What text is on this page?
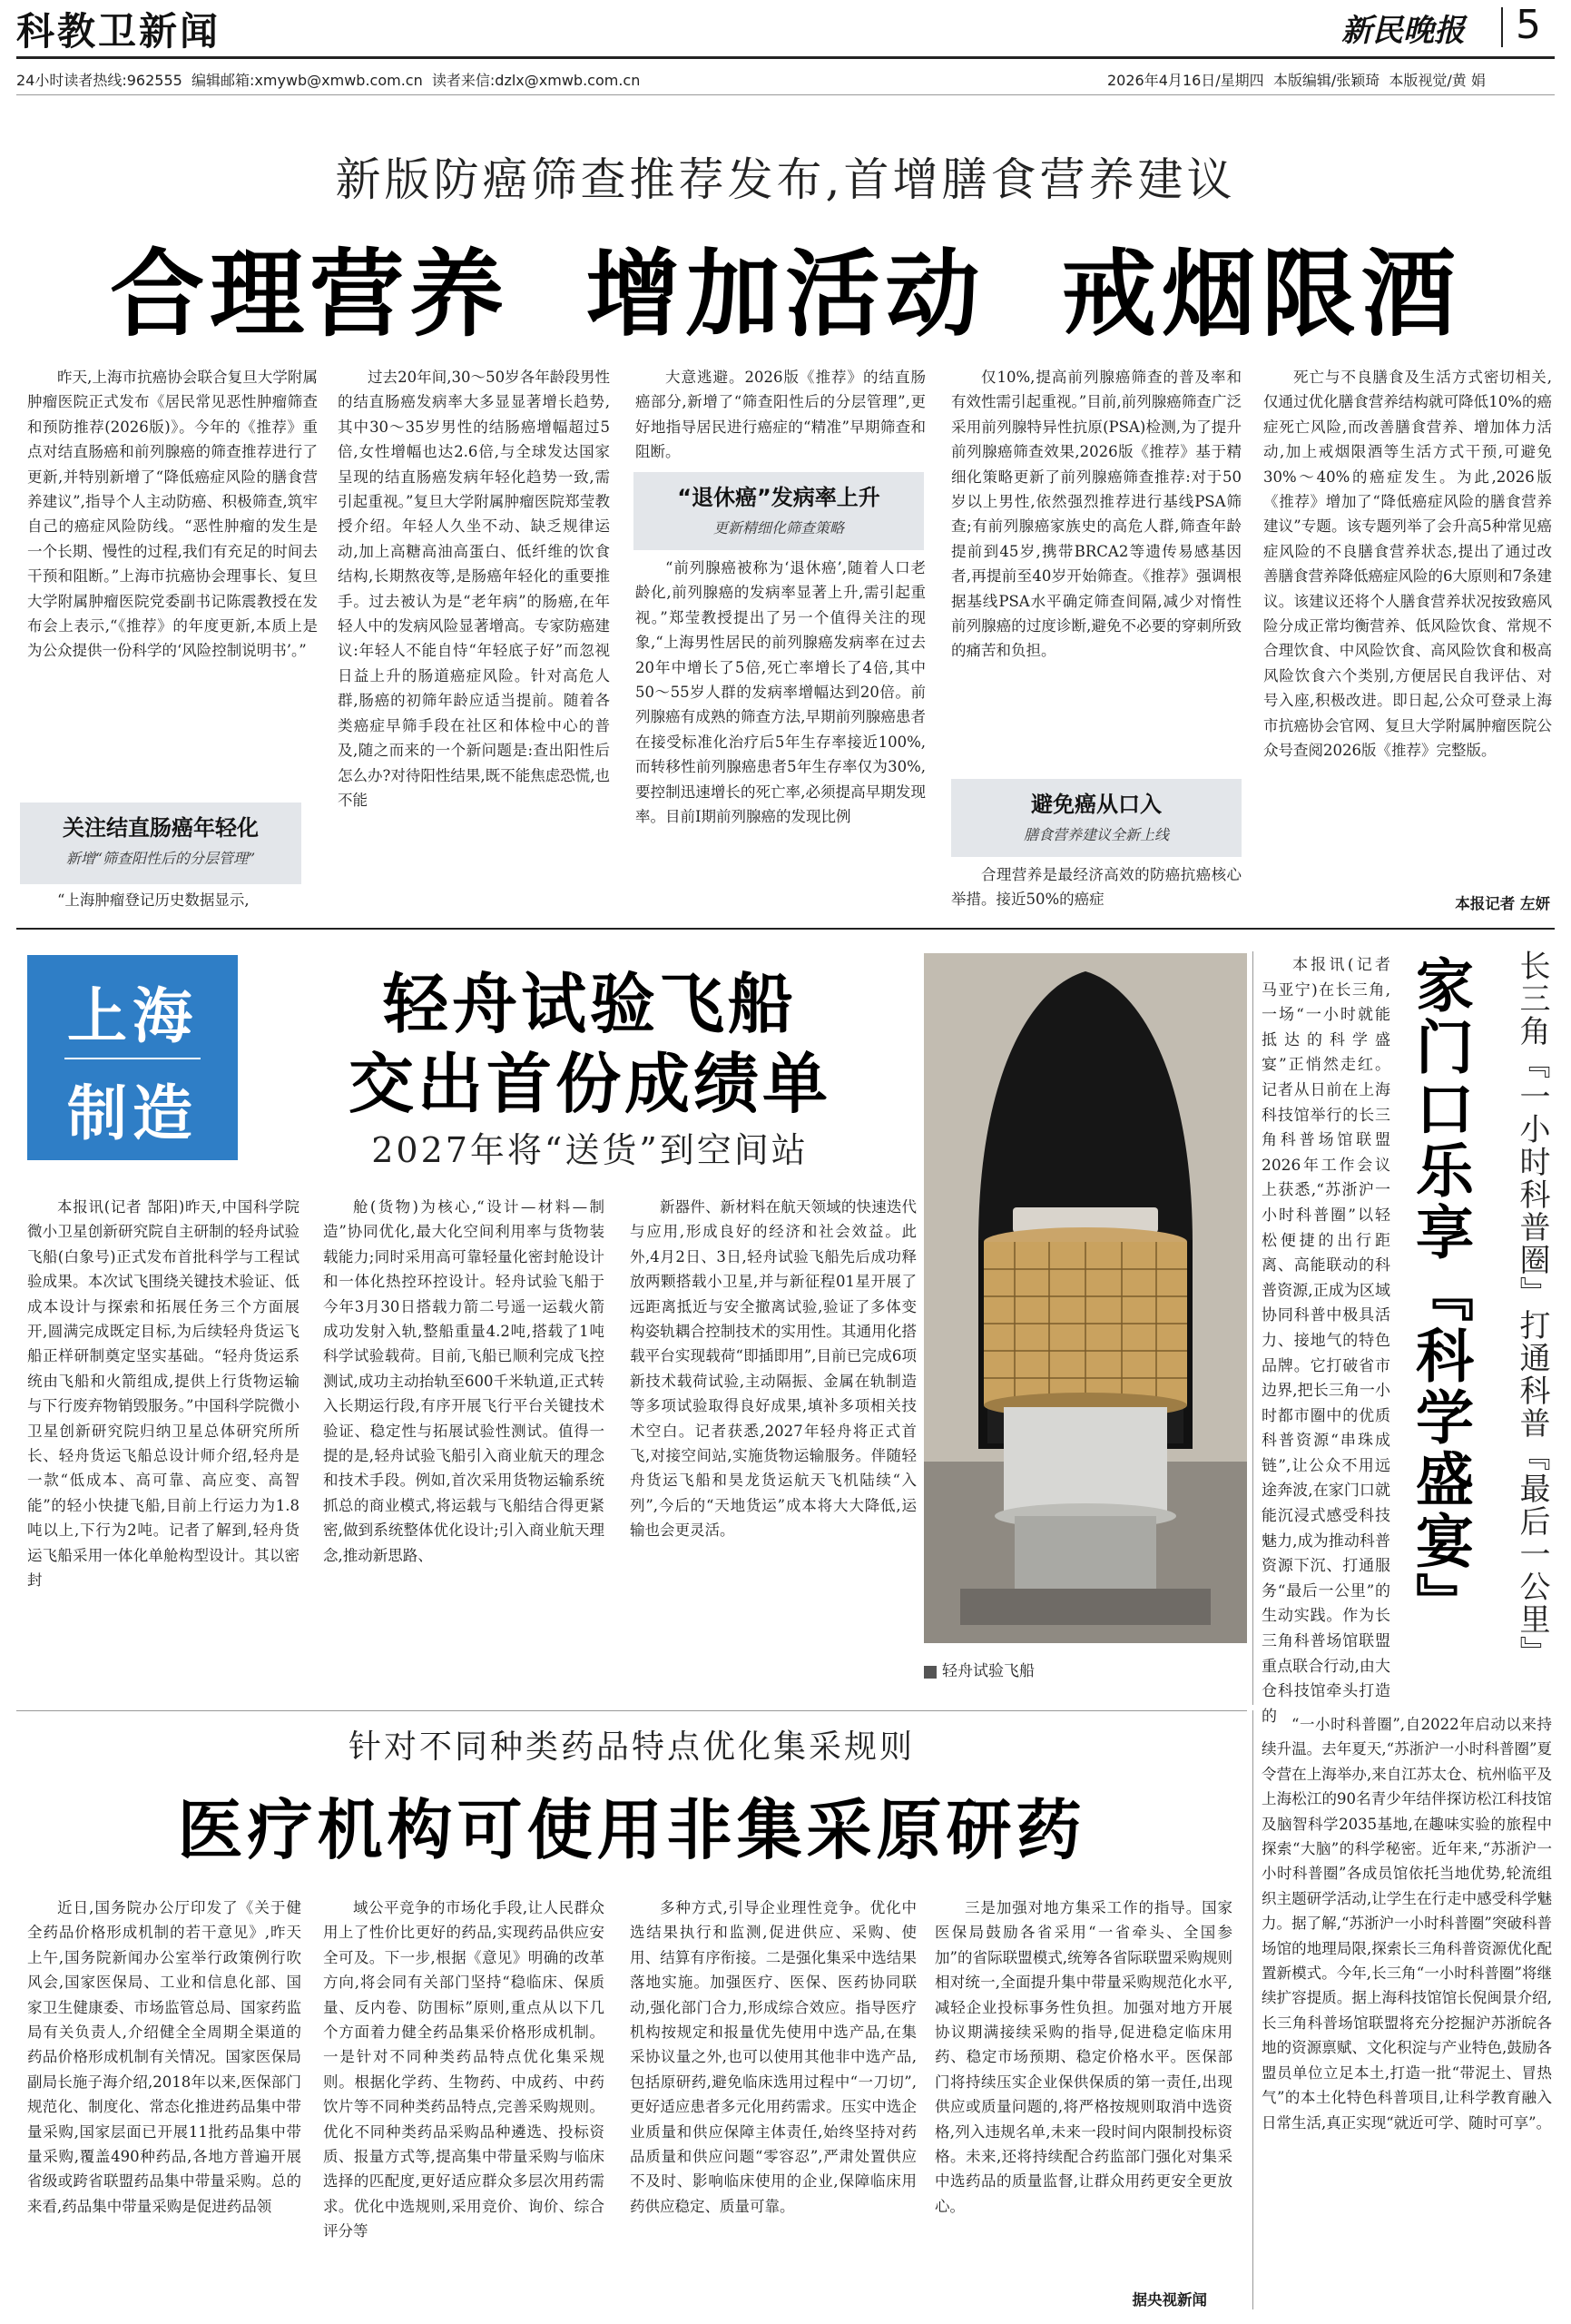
科教卫新闻	新民晚报 5
24小时读者热线:962555  编辑邮箱:xmywb@xmwb.com.cn  读者来信:dzlx@xmwb.com.cn	2026年4月16日/星期四  本版编辑/张颖琦  本版视觉/黄 娟
新版防癌筛查推荐发布,首增膳食营养建议
合理营养  增加活动  戒烟限酒

昨天,上海市抗癌协会联合复旦大学附属肿瘤医院正式发布《居民常见恶性肿瘤筛查和预防推荐(2026版)》。今年的《推荐》重点对结直肠癌和前列腺癌的筛查推荐进行了更新,并特别新增了“降低癌症风险的膳食营养建议”,指导个人主动防癌、积极筛查,筑牢自己的癌症风险防线。“恶性肿瘤的发生是一个长期、慢性的过程,我们有充足的时间去干预和阻断。”上海市抗癌协会理事长、复旦大学附属肿瘤医院党委副书记陈震教授在发布会上表示,“《推荐》的年度更新,本质上是为公众提供一份科学的‘风险控制说明书’。”

关注结直肠癌年轻化
新增“筛查阳性后的分层管理”

“上海肿瘤登记历史数据显示,

过去20年间,30～50岁各年龄段男性的结直肠癌发病率大多显显著增长趋势,其中30～35岁男性的结肠癌增幅超过5倍,女性增幅也达2.6倍,与全球发达国家呈现的结直肠癌发病年轻化趋势一致,需引起重视。”复旦大学附属肿瘤医院郑莹教授介绍。年轻人久坐不动、缺乏规律运动,加上高糖高油高蛋白、低纤维的饮食结构,长期熬夜等,是肠癌年轻化的重要推手。过去被认为是“老年病”的肠癌,在年轻人中的发病风险显著增高。专家防癌建议:年轻人不能自恃“年轻底子好”而忽视日益上升的肠道癌症风险。针对高危人群,肠癌的初筛年龄应适当提前。随着各类癌症早筛手段在社区和体检中心的普及,随之而来的一个新问题是:查出阳性后怎么办?对待阳性结果,既不能焦虑恐慌,也不能

大意逃避。2026版《推荐》的结直肠癌部分,新增了“筛查阳性后的分层管理”,更好地指导居民进行癌症的“精准”早期筛查和阻断。

“退休癌”发病率上升
更新精细化筛查策略

“前列腺癌被称为‘退休癌’,随着人口老龄化,前列腺癌的发病率显著上升,需引起重视。”郑莹教授提出了另一个值得关注的现象,“上海男性居民的前列腺癌发病率在过去20年中增长了5倍,死亡率增长了4倍,其中50～55岁人群的发病率增幅达到20倍。前列腺癌有成熟的筛查方法,早期前列腺癌患者在接受标准化治疗后5年生存率接近100%,而转移性前列腺癌患者5年生存率仅为30%,要控制迅速增长的死亡率,必须提高早期发现率。目前I期前列腺癌的发现比例

仅10%,提高前列腺癌筛查的普及率和有效性需引起重视。”目前,前列腺癌筛查广泛采用前列腺特异性抗原(PSA)检测,为了提升前列腺癌筛查效果,2026版《推荐》基于精细化策略更新了前列腺癌筛查推荐:对于50岁以上男性,依然强烈推荐进行基线PSA筛查;有前列腺癌家族史的高危人群,筛查年龄提前到45岁,携带BRCA2等遗传易感基因者,再提前至40岁开始筛查。《推荐》强调根据基线PSA水平确定筛查间隔,减少对惰性前列腺癌的过度诊断,避免不必要的穿刺所致的痛苦和负担。

避免癌从口入
膳食营养建议全新上线

合理营养是最经济高效的防癌抗癌核心举措。接近50%的癌症

死亡与不良膳食及生活方式密切相关,仅通过优化膳食营养结构就可降低10%的癌症死亡风险,而改善膳食营养、增加体力活动,加上戒烟限酒等生活方式干预,可避免30%～40%的癌症发生。为此,2026版《推荐》增加了“降低癌症风险的膳食营养建议”专题。该专题列举了会升高5种常见癌症风险的不良膳食营养状态,提出了通过改善膳食营养降低癌症风险的6大原则和7条建议。该建议还将个人膳食营养状况按致癌风险分成正常均衡营养、低风险饮食、常规不合理饮食、中风险饮食、高风险饮食和极高风险饮食六个类别,方便居民自我评估、对号入座,积极改进。即日起,公众可登录上海市抗癌协会官网、复旦大学附属肿瘤医院公众号查阅2026版《推荐》完整版。

本报记者 左妍
上海
制造
轻舟试验飞船
交出首份成绩单
2027年将“送货”到空间站

本报讯(记者 郜阳)昨天,中国科学院微小卫星创新研究院自主研制的轻舟试验飞船(白象号)正式发布首批科学与工程试验成果。本次试飞围绕关键技术验证、低成本设计与探索和拓展任务三个方面展开,圆满完成既定目标,为后续轻舟货运飞船正样研制奠定坚实基础。“轻舟货运系统由飞船和火箭组成,提供上行货物运输与下行废弃物销毁服务。”中国科学院微小卫星创新研究院归纳卫星总体研究所所长、轻舟货运飞船总设计师介绍,轻舟是一款“低成本、高可靠、高应变、高智能”的轻小快捷飞船,目前上行运力为1.8吨以上,下行为2吨。记者了解到,轻舟货运飞船采用一体化单舱构型设计。其以密封

舱(货物)为核心,“设计—材料—制造”协同优化,最大化空间利用率与货物装载能力;同时采用高可靠轻量化密封舱设计和一体化热控环控设计。轻舟试验飞船于今年3月30日搭载力箭二号遥一运载火箭成功发射入轨,整船重量4.2吨,搭载了1吨科学试验载荷。目前,飞船已顺利完成飞控测试,成功主动抬轨至600千米轨道,正式转入长期运行段,有序开展飞行平台关键技术验证、稳定性与拓展试验性测试。值得一提的是,轻舟试验飞船引入商业航天的理念和技术手段。例如,首次采用货物运输系统抓总的商业模式,将运载与飞船结合得更紧密,做到系统整体优化设计;引入商业航天理念,推动新思路、

新器件、新材料在航天领域的快速迭代与应用,形成良好的经济和社会效益。此外,4月2日、3日,轻舟试验飞船先后成功释放两颗搭载小卫星,并与新征程01星开展了远距离抵近与安全撤离试验,验证了多体变构姿轨耦合控制技术的实用性。其通用化搭载平台实现载荷“即插即用”,目前已完成6项新技术载荷试验,主动隔振、金属在轨制造等多项试验取得良好成果,填补多项相关技术空白。记者获悉,2027年轻舟将正式首飞,对接空间站,实施货物运输服务。伴随轻舟货运飞船和昊龙货运航天飞机陆续“入列”,今后的“天地货运”成本将大大降低,运输也会更灵活。

轻舟试验飞船

本报讯(记者 马亚宁)在长三角,一场“一小时就能抵达的科学盛宴”正悄然走红。记者从日前在上海科技馆举行的长三角科普场馆联盟2026年工作会议上获悉,“苏浙沪一小时科普圈”以轻松便捷的出行距离、高能联动的科普资源,正成为区域协同科普中极具活力、接地气的特色品牌。它打破省市边界,把长三角一小时都市圈中的优质科普资源“串珠成链”,让公众不用远途奔波,在家门口就能沉浸式感受科技魅力,成为推动科普资源下沉、打通服务“最后一公里”的生动实践。作为长三角科普场馆联盟重点联合行动,由大仓科技馆牵头打造的

家门口乐享『科学盛宴』	长三角『一小时科普圈』打通科普『最后一公里』

“一小时科普圈”,自2022年启动以来持续升温。去年夏天,“苏浙沪一小时科普圈”夏令营在上海举办,来自江苏太仓、杭州临平及上海松江的90名青少年结伴探访松江科技馆及脑智科学2035基地,在趣味实验的旅程中探索“大脑”的科学秘密。近年来,“苏浙沪一小时科普圈”各成员馆依托当地优势,轮流组织主题研学活动,让学生在行走中感受科学魅力。据了解,“苏浙沪一小时科普圈”突破科普场馆的地理局限,探索长三角科普资源优化配置新模式。今年,长三角“一小时科普圈”将继续扩容提质。据上海科技馆馆长倪闽景介绍,长三角科普场馆联盟将充分挖掘沪苏浙皖各地的资源禀赋、文化积淀与产业特色,鼓励各盟员单位立足本土,打造一批“带泥土、冒热气”的本土化特色科普项目,让科学教育融入日常生活,真正实现“就近可学、随时可享”。

针对不同种类药品特点优化集采规则
医疗机构可使用非集采原研药

近日,国务院办公厅印发了《关于健全药品价格形成机制的若干意见》,昨天上午,国务院新闻办公室举行政策例行吹风会,国家医保局、工业和信息化部、国家卫生健康委、市场监管总局、国家药监局有关负责人,介绍健全全周期全渠道的药品价格形成机制有关情况。国家医保局副局长施子海介绍,2018年以来,医保部门规范化、制度化、常态化推进药品集中带量采购,国家层面已开展11批药品集中带量采购,覆盖490种药品,各地方普遍开展省级或跨省联盟药品集中带量采购。总的来看,药品集中带量采购是促进药品领

域公平竞争的市场化手段,让人民群众用上了性价比更好的药品,实现药品供应安全可及。下一步,根据《意见》明确的改革方向,将会同有关部门坚持“稳临床、保质量、反内卷、防围标”原则,重点从以下几个方面着力健全药品集采价格形成机制。一是针对不同种类药品特点优化集采规则。根据化学药、生物药、中成药、中药饮片等不同种类药品特点,完善采购规则。优化不同种类药品采购品种遴选、投标资质、报量方式等,提高集中带量采购与临床选择的匹配度,更好适应群众多层次用药需求。优化中选规则,采用竞价、询价、综合评分等

多种方式,引导企业理性竞争。优化中选结果执行和监测,促进供应、采购、使用、结算有序衔接。二是强化集采中选结果落地实施。加强医疗、医保、医药协同联动,强化部门合力,形成综合效应。指导医疗机构按规定和报量优先使用中选产品,在集采协议量之外,也可以使用其他非中选产品,包括原研药,避免临床选用过程中“一刀切”,更好适应患者多元化用药需求。压实中选企业质量和供应保障主体责任,始终坚持对药品质量和供应问题“零容忍”,严肃处置供应不及时、影响临床使用的企业,保障临床用药供应稳定、质量可靠。

三是加强对地方集采工作的指导。国家医保局鼓励各省采用“一省牵头、全国参加”的省际联盟模式,统筹各省际联盟采购规则相对统一,全面提升集中带量采购规范化水平,减轻企业投标事务性负担。加强对地方开展协议期满接续采购的指导,促进稳定临床用药、稳定市场预期、稳定价格水平。医保部门将持续压实企业保供保质的第一责任,出现供应或质量问题的,将严格按规则取消中选资格,列入违规名单,未来一段时间内限制投标资格。未来,还将持续配合药监部门强化对集采中选药品的质量监督,让群众用药更安全更放心。

据央视新闻
